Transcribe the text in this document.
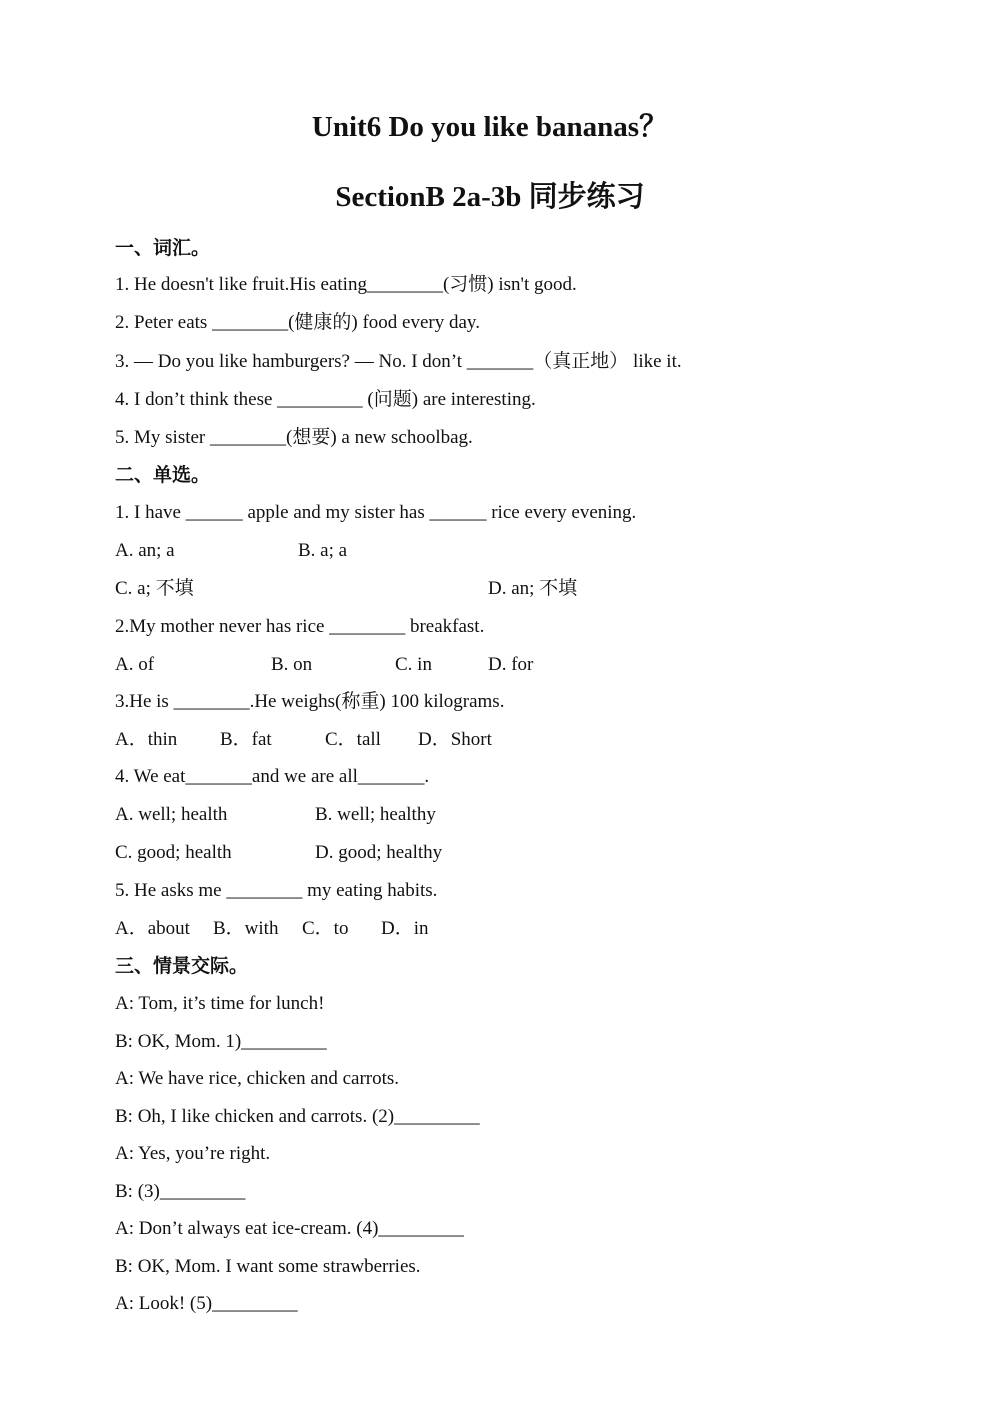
Unit6 Do you like bananas？
SectionB 2a-3b 同步练习
一、词汇。
1. He doesn't like fruit.His eating________(习惯) isn't good.
2. Peter eats ________(健康的) food every day.
3. — Do you like hamburgers? — No. I don’t _______（真正地） like it.
4. I don’t think these _________ (问题) are interesting.
5. My sister ________(想要) a new schoolbag.
二、单选。
1. I have ______ apple and my sister has ______ rice every evening.
A. an; a	B. a; a
C. a; 不填	D. an; 不填
2.My mother never has rice ________ breakfast.
A. of	B. on	C. in	D. for
3.He is ________.He weighs(称重) 100 kilograms.
A．thin B．fat	C．tall D．Short
4. We eat_______and we are all_______.
A. well; health	B. well; healthy
C. good; health	D. good; healthy
5. He asks me ________ my eating habits.
A．about B．with C．to D．in
三、情景交际。
A: Tom, it’s time for lunch!
B: OK, Mom. 1)_________
A: We have rice, chicken and carrots.
B: Oh, I like chicken and carrots. (2)_________
A: Yes, you’re right.
B: (3)_________
A: Don’t always eat ice-cream. (4)_________
B: OK, Mom. I want some strawberries.
A: Look! (5)_________
